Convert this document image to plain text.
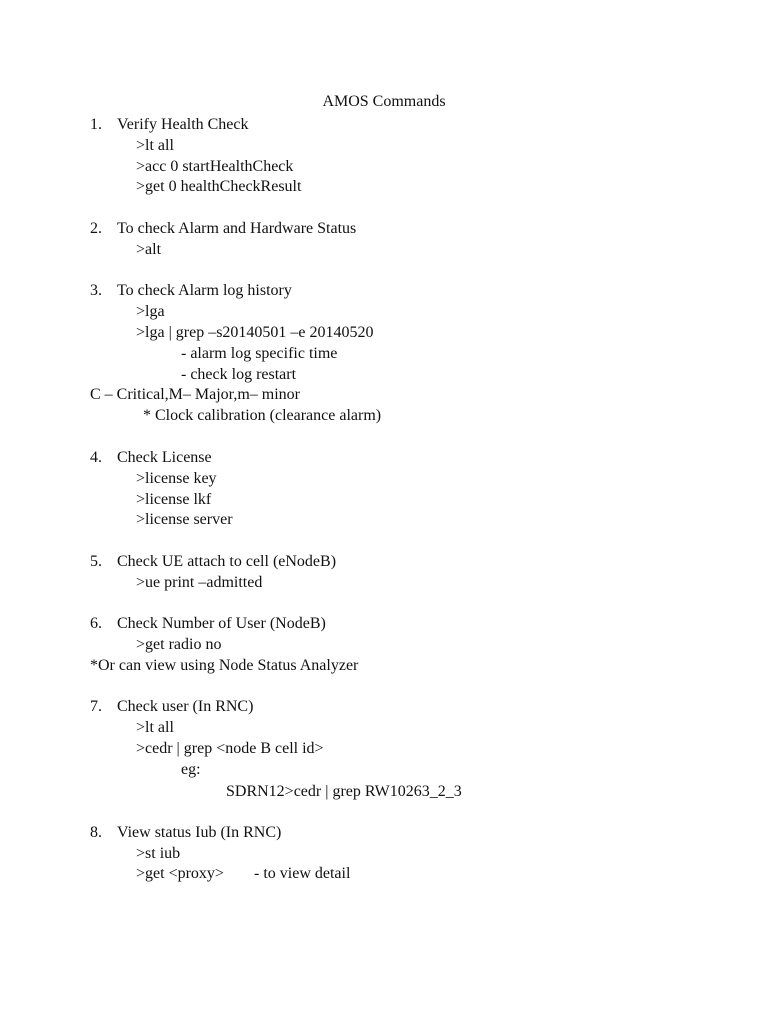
AMOS Commands
1. Verify Health Check
>lt all
>acc 0 startHealthCheck
>get 0 healthCheckResult
2. To check Alarm and Hardware Status
>alt
3. To check Alarm log history
>lga
>lga | grep –s20140501 –e 20140520
- alarm log specific time
- check log restart
C – Critical,M– Major,m– minor
* Clock calibration (clearance alarm)
4. Check License
>license key
>license lkf
>license server
5. Check UE attach to cell (eNodeB)
>ue print –admitted
6. Check Number of User (NodeB)
>get radio no
*Or can view using Node Status Analyzer
7. Check user (In RNC)
>lt all
>cedr | grep <node B cell id>
eg:
SDRN12>cedr | grep RW10263_2_3
8. View status Iub (In RNC)
>st iub
>get <proxy> - to view detail
